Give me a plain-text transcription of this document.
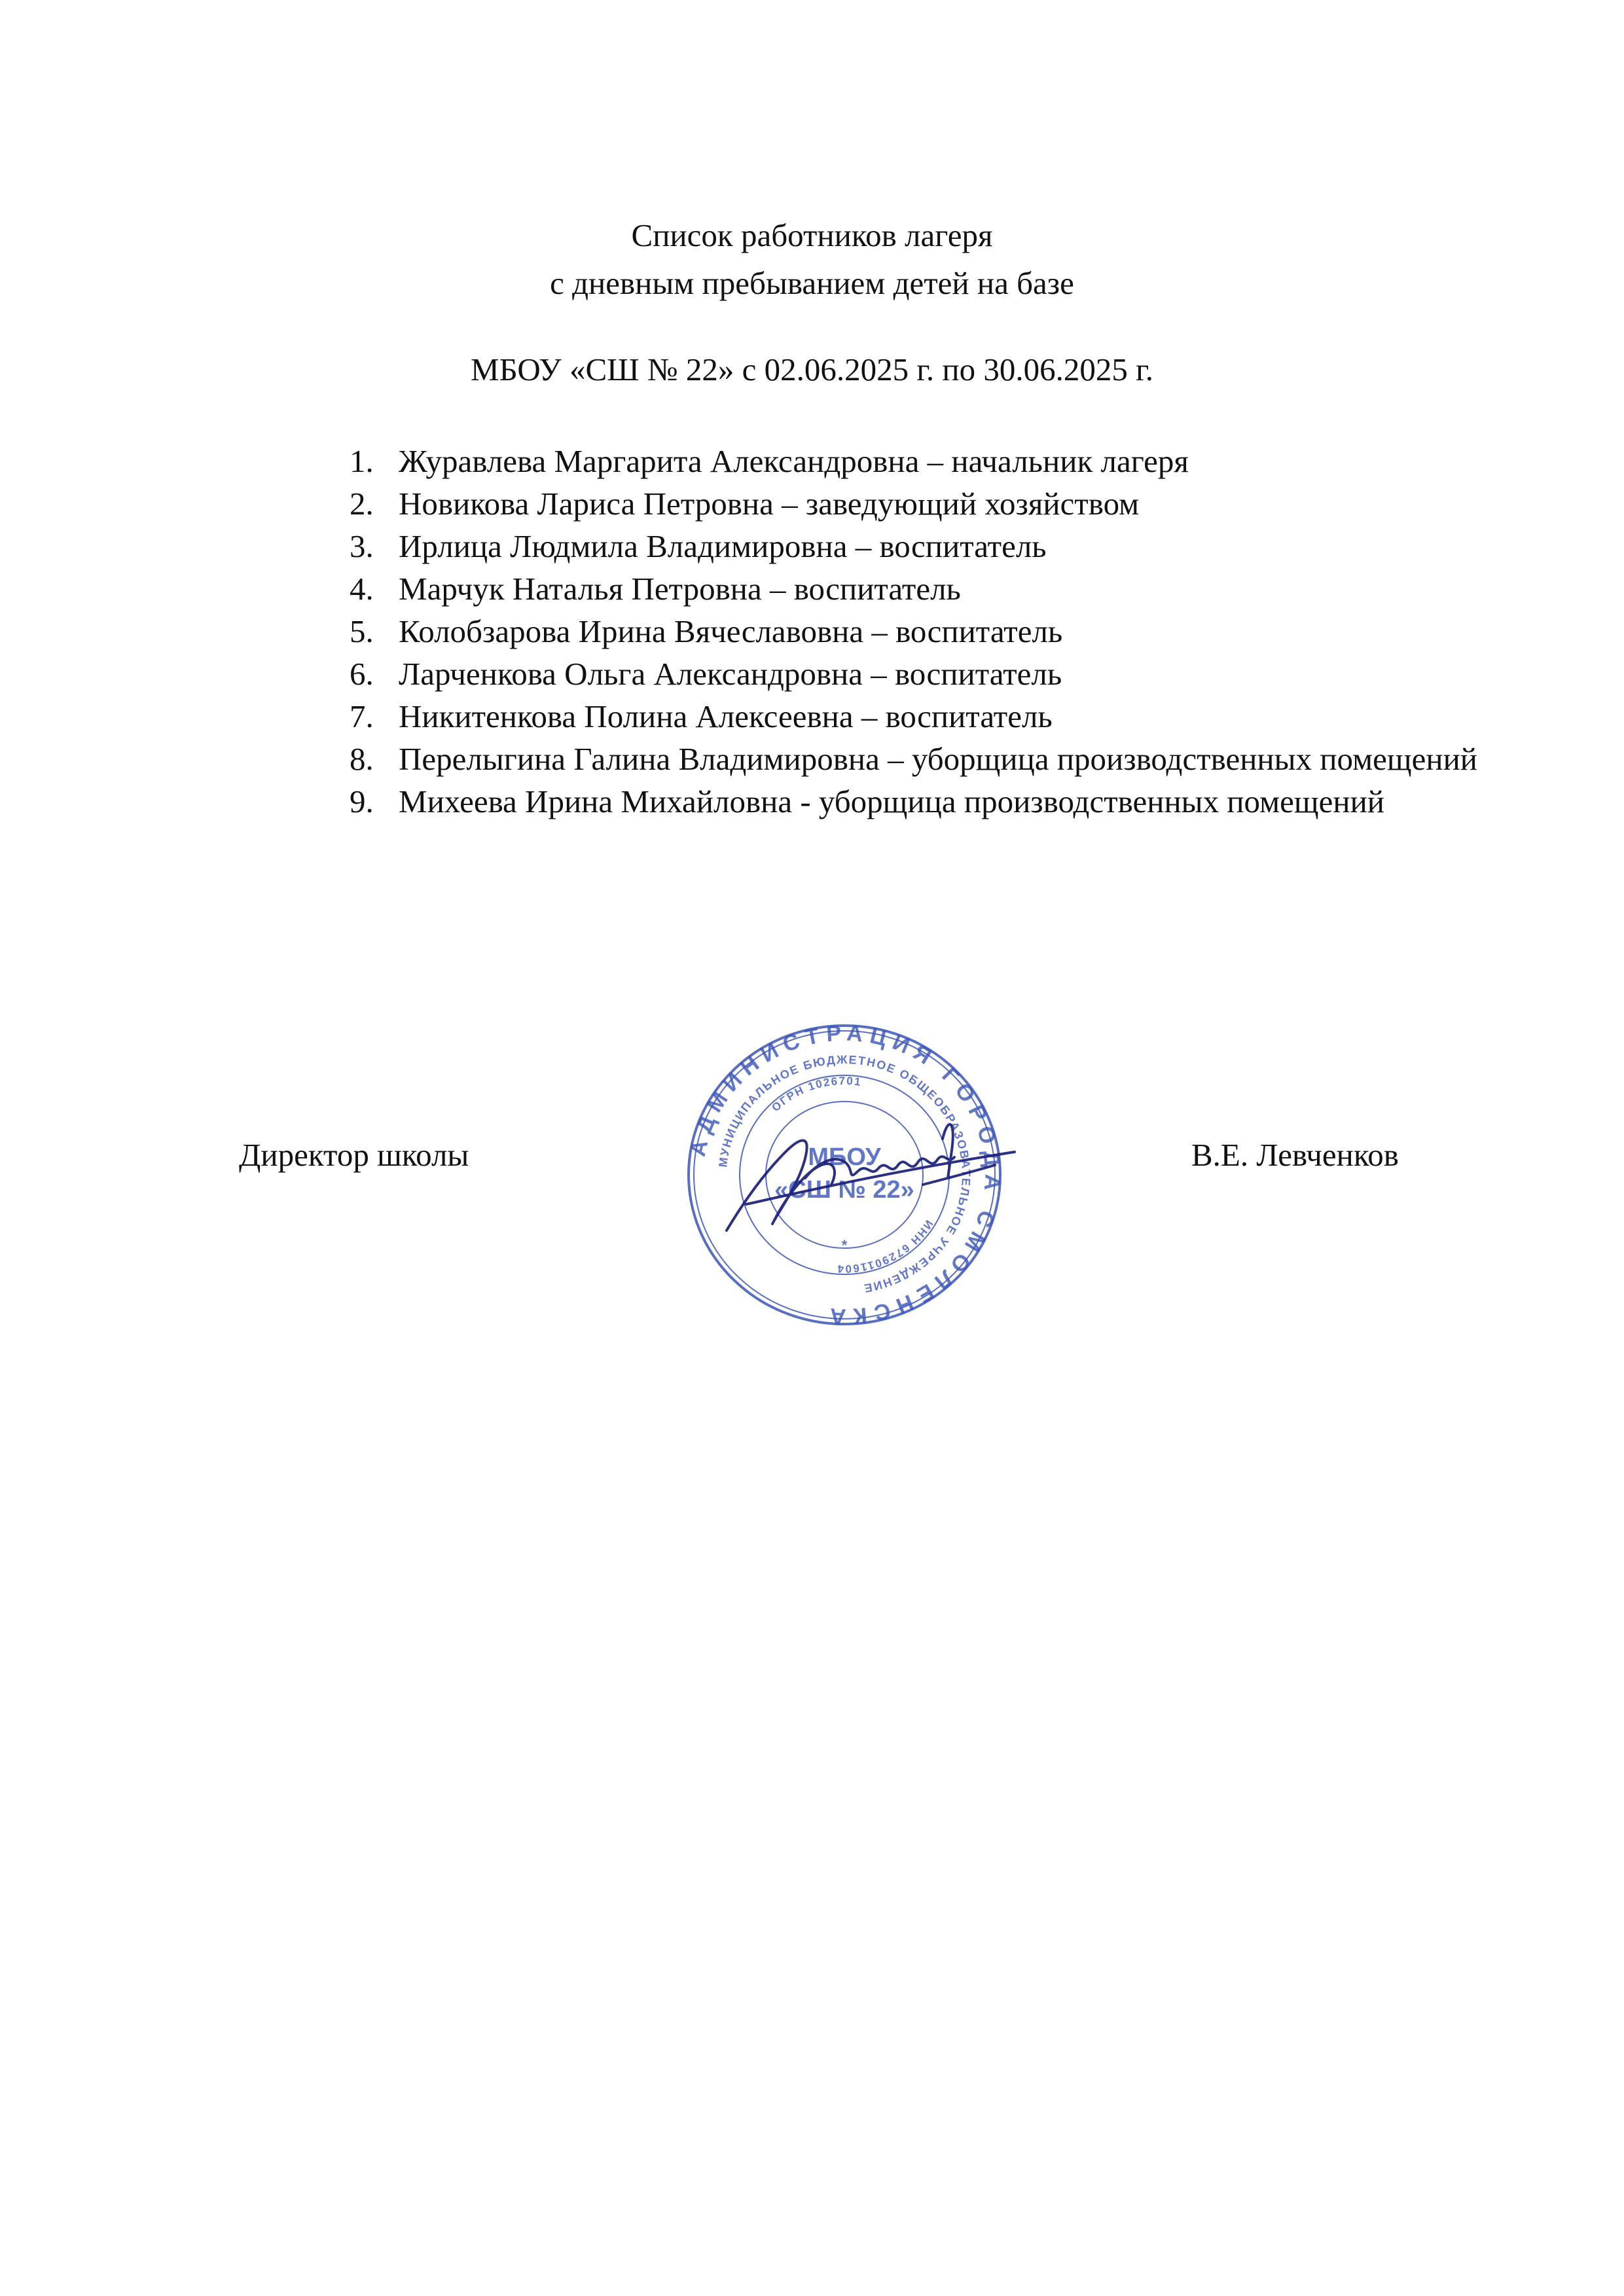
Список работников лагеря
с дневным пребыванием детей на базе
МБОУ «СШ № 22» с 02.06.2025 г. по 30.06.2025 г.
1. Журавлева Маргарита Александровна – начальник лагеря
2. Новикова Лариса Петровна – заведующий хозяйством
3. Ирлица Людмила Владимировна – воспитатель
4. Марчук Наталья Петровна – воспитатель
5. Колобзарова Ирина Вячеславовна – воспитатель
6. Ларченкова Ольга Александровна – воспитатель
7. Никитенкова Полина Алексеевна – воспитатель
8. Перелыгина Галина Владимировна – уборщица производственных помещений
9. Михеева Ирина Михайловна - уборщица производственных помещений
Директор школы	В.Е. Левченков
АДМИНИСТРАЦИЯ ГОРОДА СМОЛЕНСКА
МУНИЦИПАЛЬНОЕ БЮДЖЕТНОЕ ОБЩЕОБРАЗОВАТЕЛЬНОЕ УЧРЕЖДЕНИЕ
ОГРН 1026701
ИНН 6729011604
МБОУ
«СШ № 22»
*
